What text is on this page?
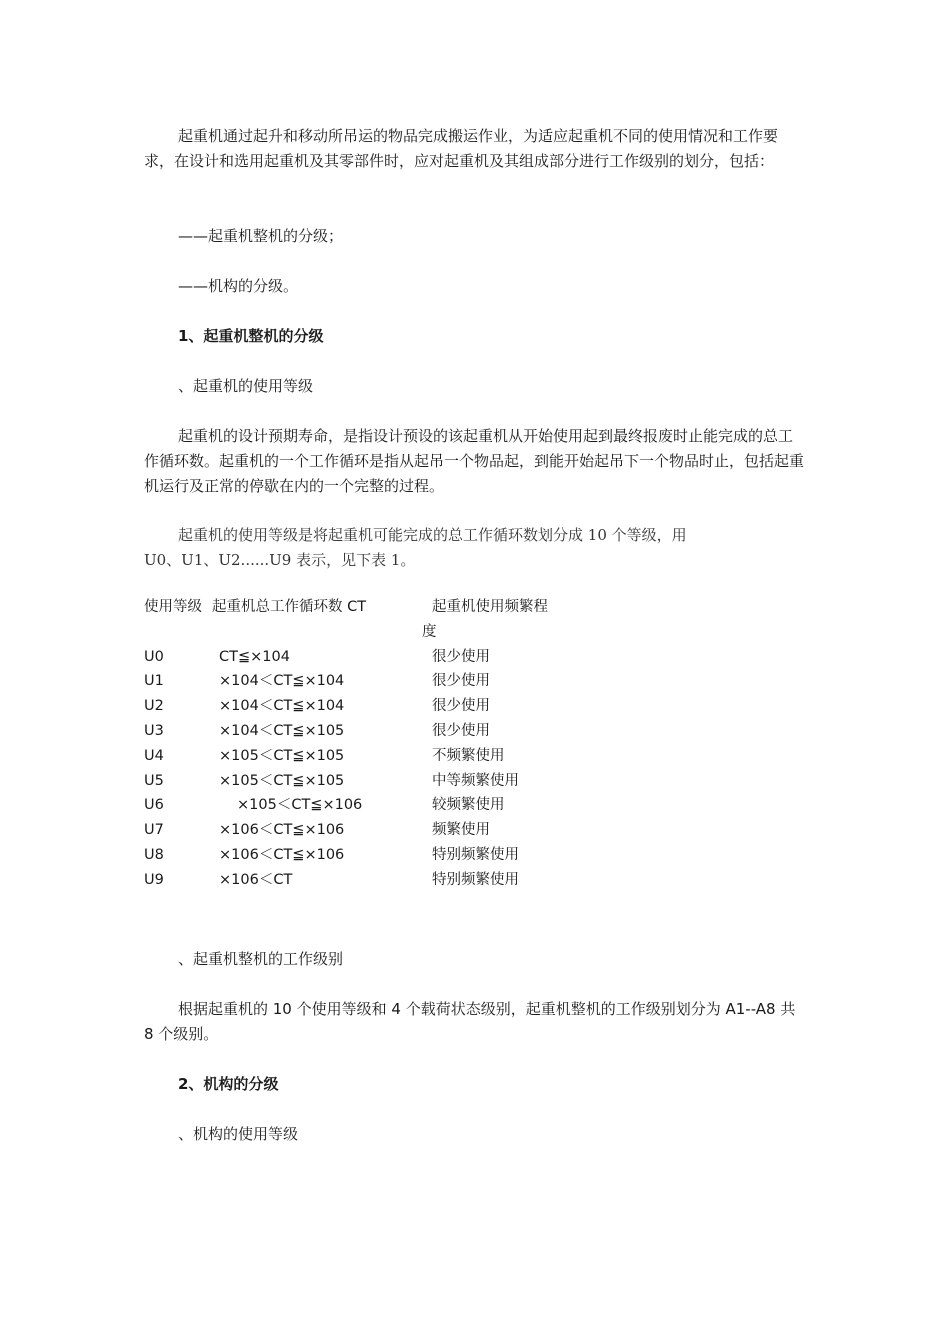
起重机通过起升和移动所吊运的物品完成搬运作业，为适应起重机不同的使用情况和工作要求，在设计和选用起重机及其零部件时，应对起重机及其组成部分进行工作级别的划分，包括：

——起重机整机的分级；

——机构的分级。

1、起重机整机的分级

、起重机的使用等级

起重机的设计预期寿命，是指设计预设的该起重机从开始使用起到最终报废时止能完成的总工作循环数。起重机的一个工作循环是指从起吊一个物品起，到能开始起吊下一个物品时止，包括起重机运行及正常的停歇在内的一个完整的过程。

起重机的使用等级是将起重机可能完成的总工作循环数划分成 10 个等级，用

U0、U1、U2......U9 表示，见下表 1。

使用等级 起重机总工作循环数 CT	起重机使用频繁程
度
U0	CT≦×104	很少使用
U1	×104＜CT≦×104	很少使用
U2	×104＜CT≦×104	很少使用
U3	×104＜CT≦×105	很少使用
U4	×105＜CT≦×105	不频繁使用
U5	×105＜CT≦×105	中等频繁使用
U6	×105＜CT≦×106	较频繁使用
U7	×106＜CT≦×106	频繁使用
U8	×106＜CT≦×106	特别频繁使用
U9	×106＜CT	特别频繁使用

、起重机整机的工作级别

根据起重机的 10 个使用等级和 4 个载荷状态级别，起重机整机的工作级别划分为 A1--A8 共 8 个级别。

2、机构的分级

、机构的使用等级
